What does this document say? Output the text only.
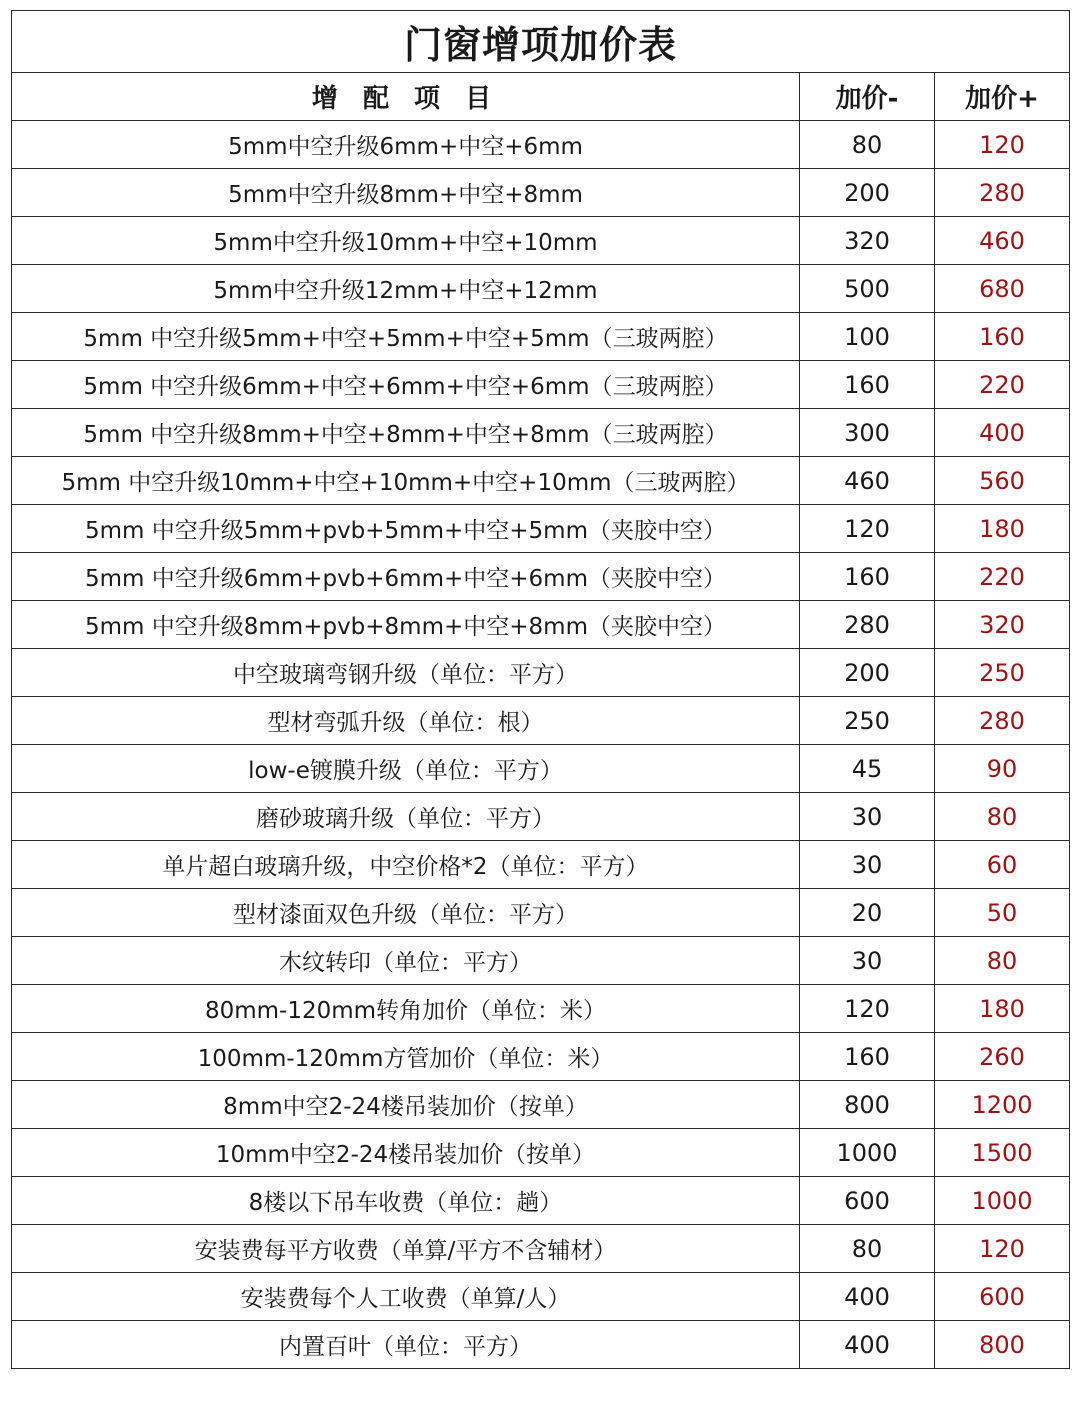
门窗增项加价表
增 配 项 目	加价-	加价+
5mm中空升级6mm+中空+6mm	80	120
5mm中空升级8mm+中空+8mm	200	280
5mm中空升级10mm+中空+10mm	320	460
5mm中空升级12mm+中空+12mm	500	680
5mm 中空升级5mm+中空+5mm+中空+5mm（三玻两腔）	100	160
5mm 中空升级6mm+中空+6mm+中空+6mm（三玻两腔）	160	220
5mm 中空升级8mm+中空+8mm+中空+8mm（三玻两腔）	300	400
5mm 中空升级10mm+中空+10mm+中空+10mm（三玻两腔）	460	560
5mm 中空升级5mm+pvb+5mm+中空+5mm（夹胶中空）	120	180
5mm 中空升级6mm+pvb+6mm+中空+6mm（夹胶中空）	160	220
5mm 中空升级8mm+pvb+8mm+中空+8mm（夹胶中空）	280	320
中空玻璃弯钢升级（单位：平方）	200	250
型材弯弧升级（单位：根）	250	280
low-e镀膜升级（单位：平方）	45	90
磨砂玻璃升级（单位：平方）	30	80
单片超白玻璃升级，中空价格*2（单位：平方）	30	60
型材漆面双色升级（单位：平方）	20	50
木纹转印（单位：平方）	30	80
80mm-120mm转角加价（单位：米）	120	180
100mm-120mm方管加价（单位：米）	160	260
8mm中空2-24楼吊装加价（按单）	800	1200
10mm中空2-24楼吊装加价（按单）	1000	1500
8楼以下吊车收费（单位：趟）	600	1000
安装费每平方收费（单算/平方不含辅材）	80	120
安装费每个人工收费（单算/人）	400	600
内置百叶（单位：平方）	400	800
